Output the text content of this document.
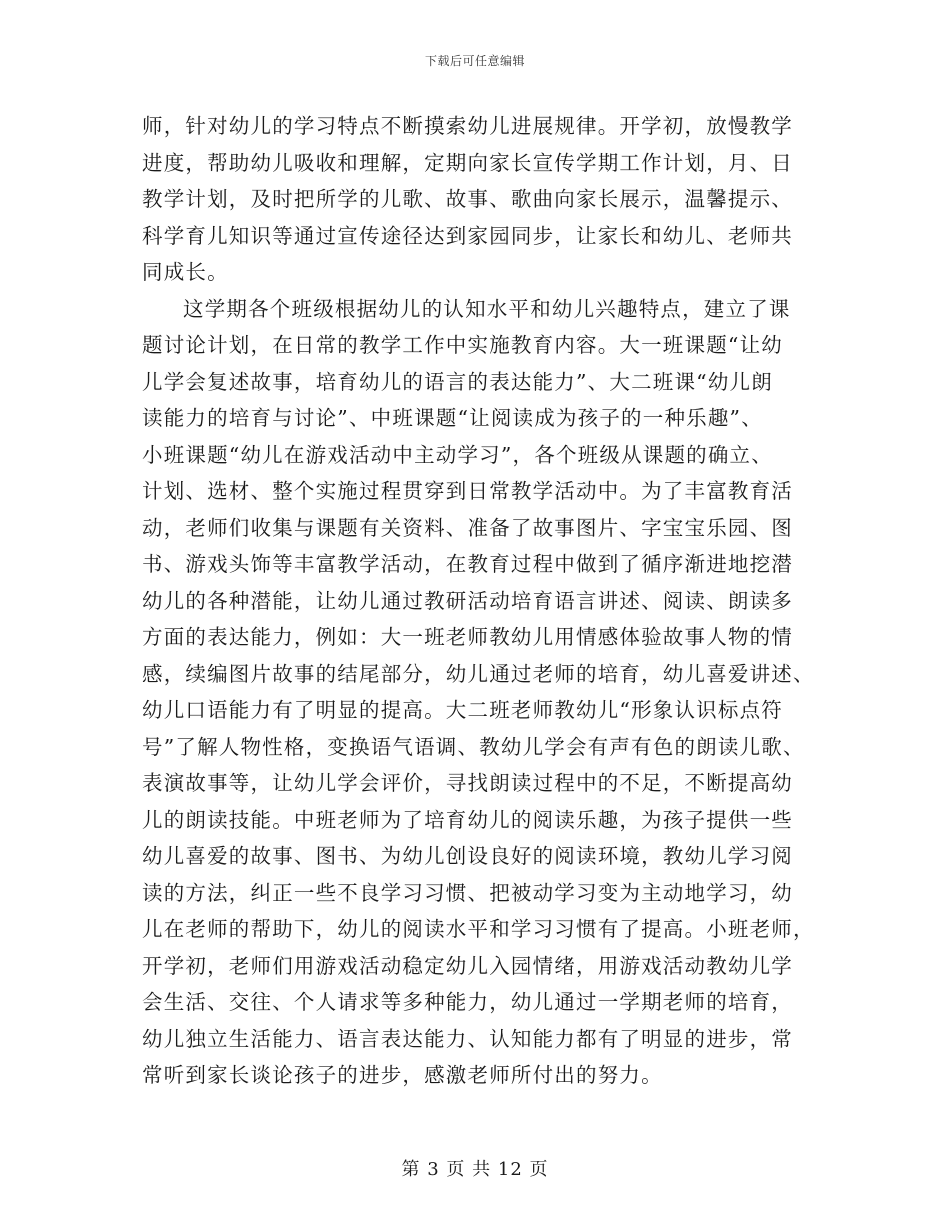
下载后可任意编辑
师，针对幼儿的学习特点不断摸索幼儿进展规律。开学初，放慢教学
进度，帮助幼儿吸收和理解，定期向家长宣传学期工作计划，月、日
教学计划，及时把所学的儿歌、故事、歌曲向家长展示，温馨提示、
科学育儿知识等通过宣传途径达到家园同步，让家长和幼儿、老师共
同成长。
这学期各个班级根据幼儿的认知水平和幼儿兴趣特点，建立了课
题讨论计划，在日常的教学工作中实施教育内容。大一班课题“让幼
儿学会复述故事，培育幼儿的语言的表达能力”、大二班课“幼儿朗
读能力的培育与讨论”、中班课题“让阅读成为孩子的一种乐趣”、
小班课题“幼儿在游戏活动中主动学习”，各个班级从课题的确立、
计划、选材、整个实施过程贯穿到日常教学活动中。为了丰富教育活
动，老师们收集与课题有关资料、准备了故事图片、字宝宝乐园、图
书、游戏头饰等丰富教学活动，在教育过程中做到了循序渐进地挖潜
幼儿的各种潜能，让幼儿通过教研活动培育语言讲述、阅读、朗读多
方面的表达能力，例如：大一班老师教幼儿用情感体验故事人物的情
感，续编图片故事的结尾部分，幼儿通过老师的培育，幼儿喜爱讲述、
幼儿口语能力有了明显的提高。大二班老师教幼儿“形象认识标点符
号”了解人物性格，变换语气语调、教幼儿学会有声有色的朗读儿歌、
表演故事等，让幼儿学会评价，寻找朗读过程中的不足，不断提高幼
儿的朗读技能。中班老师为了培育幼儿的阅读乐趣，为孩子提供一些
幼儿喜爱的故事、图书、为幼儿创设良好的阅读环境，教幼儿学习阅
读的方法，纠正一些不良学习习惯、把被动学习变为主动地学习，幼
儿在老师的帮助下，幼儿的阅读水平和学习习惯有了提高。小班老师，
开学初，老师们用游戏活动稳定幼儿入园情绪，用游戏活动教幼儿学
会生活、交往、个人请求等多种能力，幼儿通过一学期老师的培育，
幼儿独立生活能力、语言表达能力、认知能力都有了明显的进步，常
常听到家长谈论孩子的进步，感激老师所付出的努力。
第 3 页 共 12 页
